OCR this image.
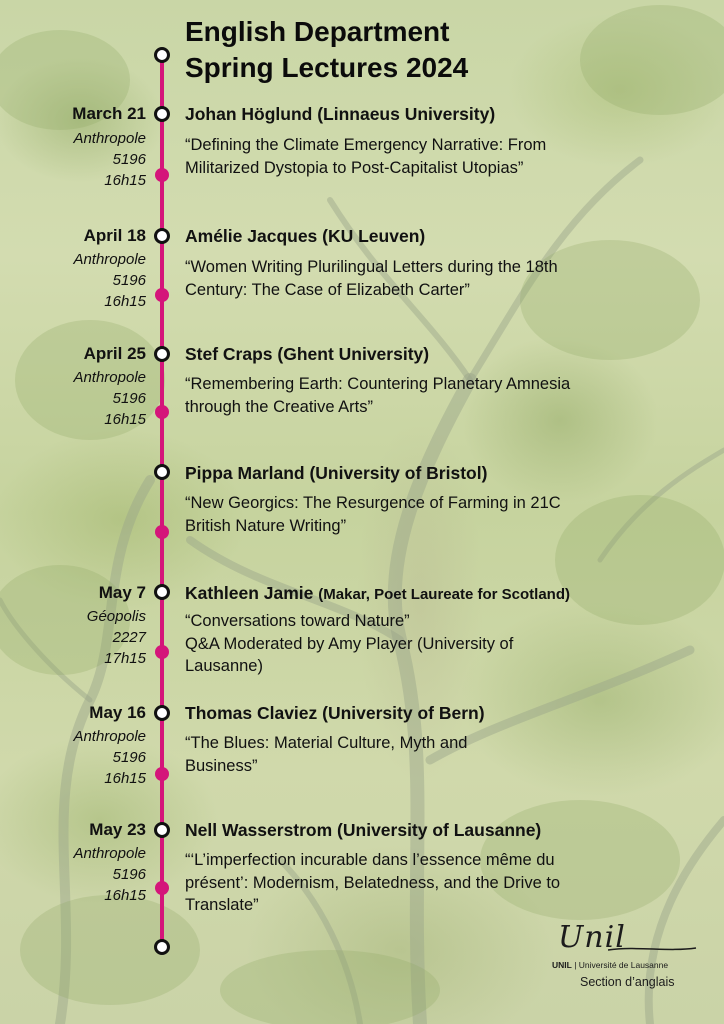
English Department
Spring Lectures 2024
March 21
Anthropole
5196
16h15
Johan Höglund (Linnaeus University)
“Defining the Climate Emergency Narrative: From Militarized Dystopia to Post-Capitalist Utopias”
April 18
Anthropole
5196
16h15
Amélie Jacques (KU Leuven)
“Women Writing Plurilingual Letters during the 18th Century: The Case of Elizabeth Carter”
April 25
Anthropole
5196
16h15
Stef Craps (Ghent University)
“Remembering Earth: Countering Planetary Amnesia through the Creative Arts”
Pippa Marland (University of Bristol)
“New Georgics: The Resurgence of Farming in 21C British Nature Writing”
May 7
Géopolis
2227
17h15
Kathleen Jamie (Makar, Poet Laureate for Scotland)
“Conversations toward Nature”
Q&A Moderated by Amy Player (University of Lausanne)
May 16
Anthropole
5196
16h15
Thomas Claviez (University of Bern)
“The Blues: Material Culture, Myth and Business”
May 23
Anthropole
5196
16h15
Nell Wasserstrom (University of Lausanne)
“‘L’imperfection incurable dans l’essence même du présent’: Modernism, Belatedness, and the Drive to Translate”
Unil
UNIL | Université de Lausanne
Section d’anglais
